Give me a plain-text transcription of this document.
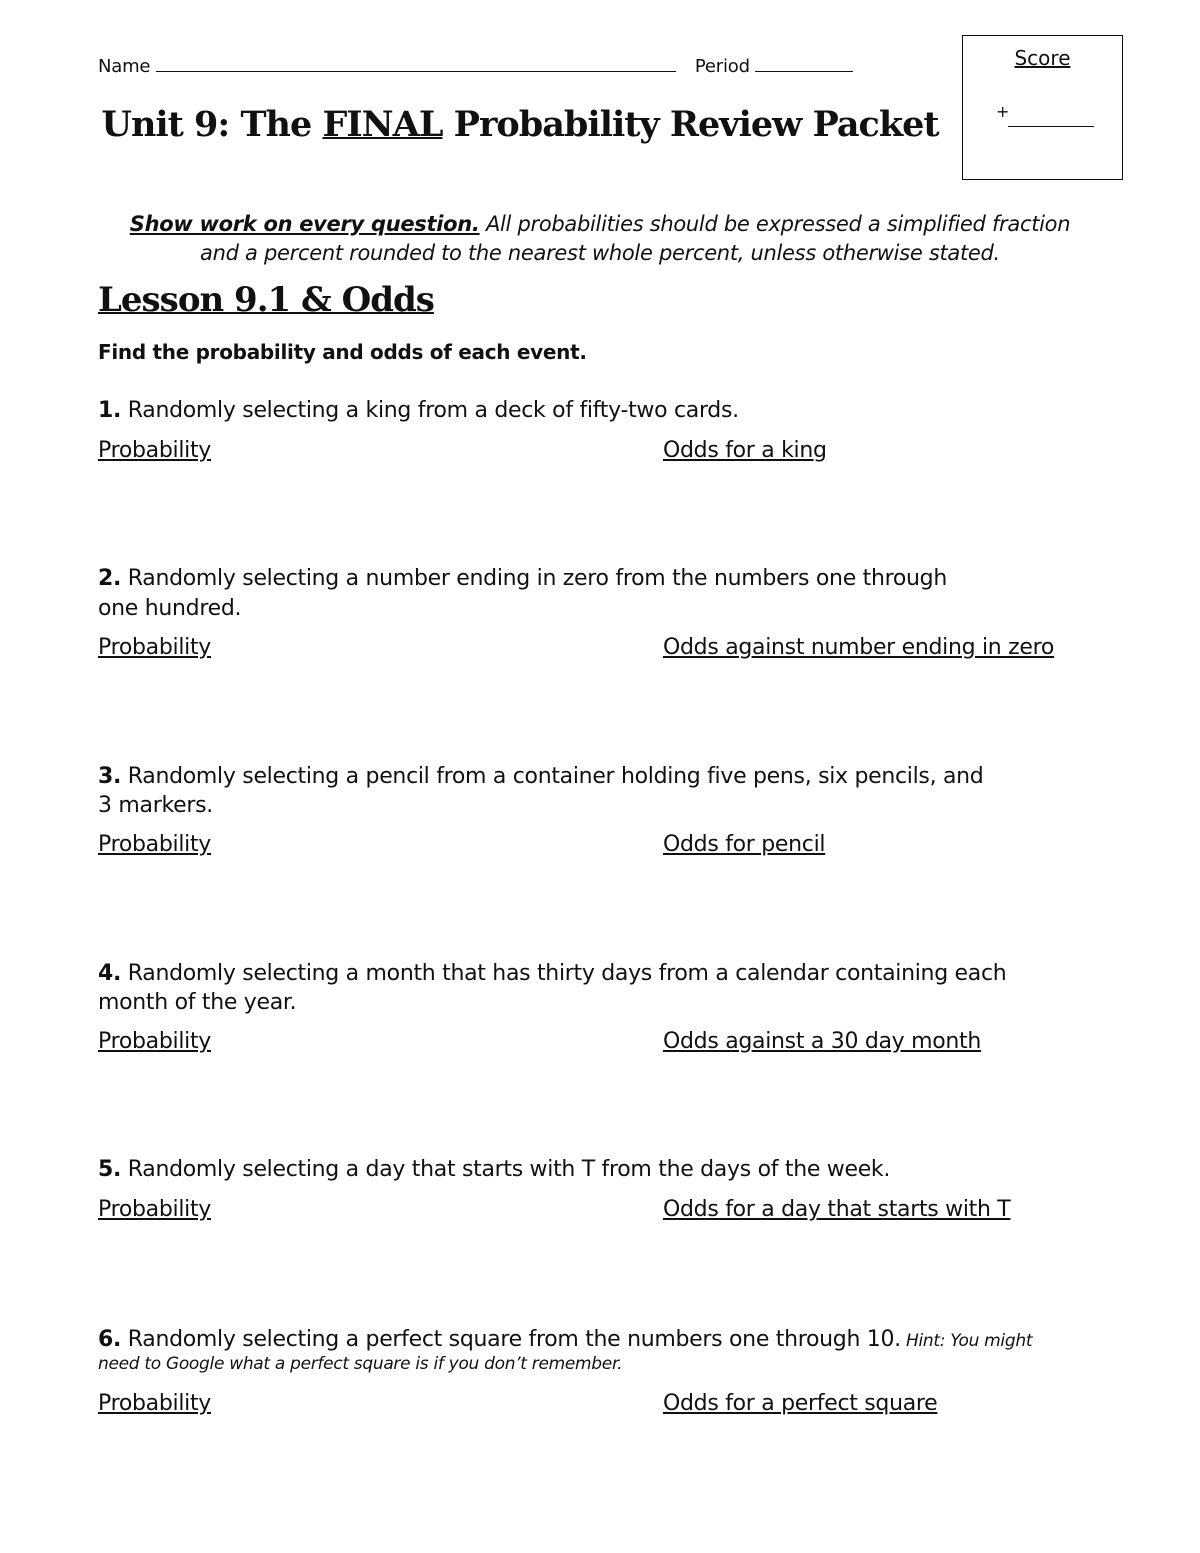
Name	Period	Score
+
Unit 9: The FINAL Probability Review Packet
Show work on every question. All probabilities should be expressed a simplified fraction
and a percent rounded to the nearest whole percent, unless otherwise stated.
Lesson 9.1 & Odds
Find the probability and odds of each event.
1. Randomly selecting a king from a deck of fifty-two cards.
Probability	Odds for a king
2. Randomly selecting a number ending in zero from the numbers one through
one hundred.
Probability	Odds against number ending in zero
3. Randomly selecting a pencil from a container holding five pens, six pencils, and
3 markers.
Probability	Odds for pencil
4. Randomly selecting a month that has thirty days from a calendar containing each
month of the year.
Probability	Odds against a 30 day month
5. Randomly selecting a day that starts with T from the days of the week.
Probability	Odds for a day that starts with T
6. Randomly selecting a perfect square from the numbers one through 10. Hint: You might
need to Google what a perfect square is if you don’t remember.
Probability	Odds for a perfect square
